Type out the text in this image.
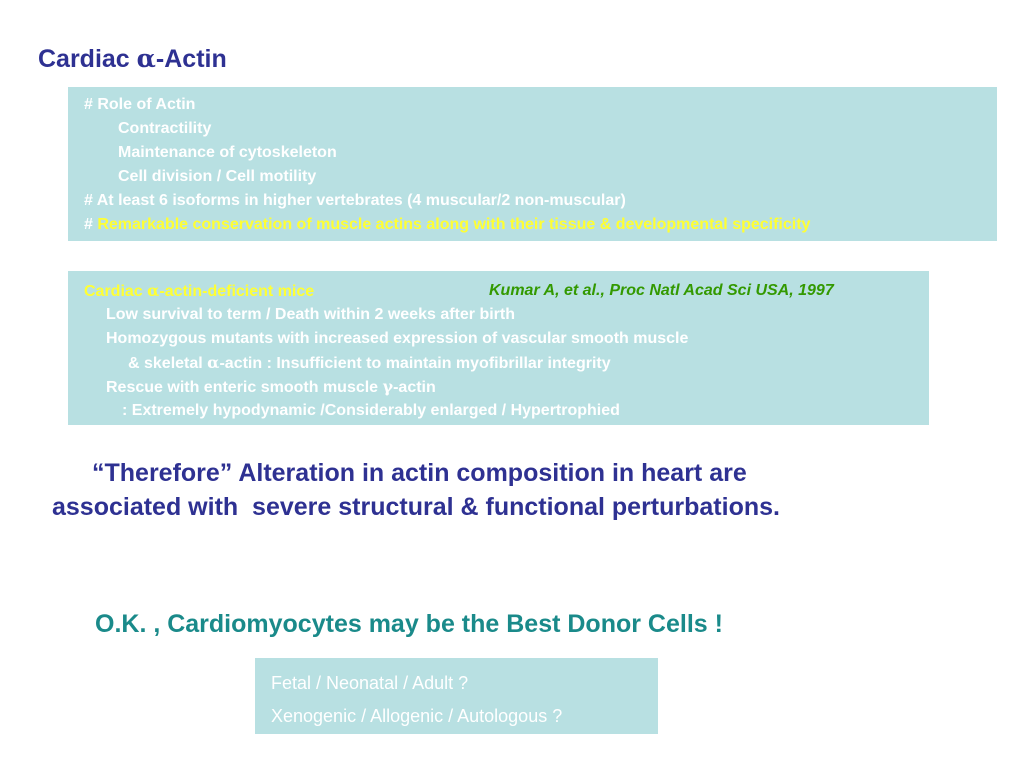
Cardiac α-Actin
# Role of Actin
Contractility
Maintenance of cytoskeleton
Cell division / Cell motility
# At least 6 isoforms in higher vertebrates (4 muscular/2 non-muscular)
# Remarkable conservation of muscle actins along with their tissue & developmental specificity
Cardiac α-actin-deficient mice	Kumar A, et al., Proc Natl Acad Sci USA, 1997
Low survival to term / Death within 2 weeks after birth
Homozygous mutants with increased expression of vascular smooth muscle
& skeletal α-actin : Insufficient to maintain myofibrillar integrity
Rescue with enteric smooth muscle γ-actin
: Extremely hypodynamic /Considerably enlarged / Hypertrophied
“Therefore” Alteration in actin composition in heart are
associated with  severe structural & functional perturbations.
O.K. , Cardiomyocytes may be the Best Donor Cells !
Fetal / Neonatal / Adult ?
Xenogenic / Allogenic / Autologous ?
